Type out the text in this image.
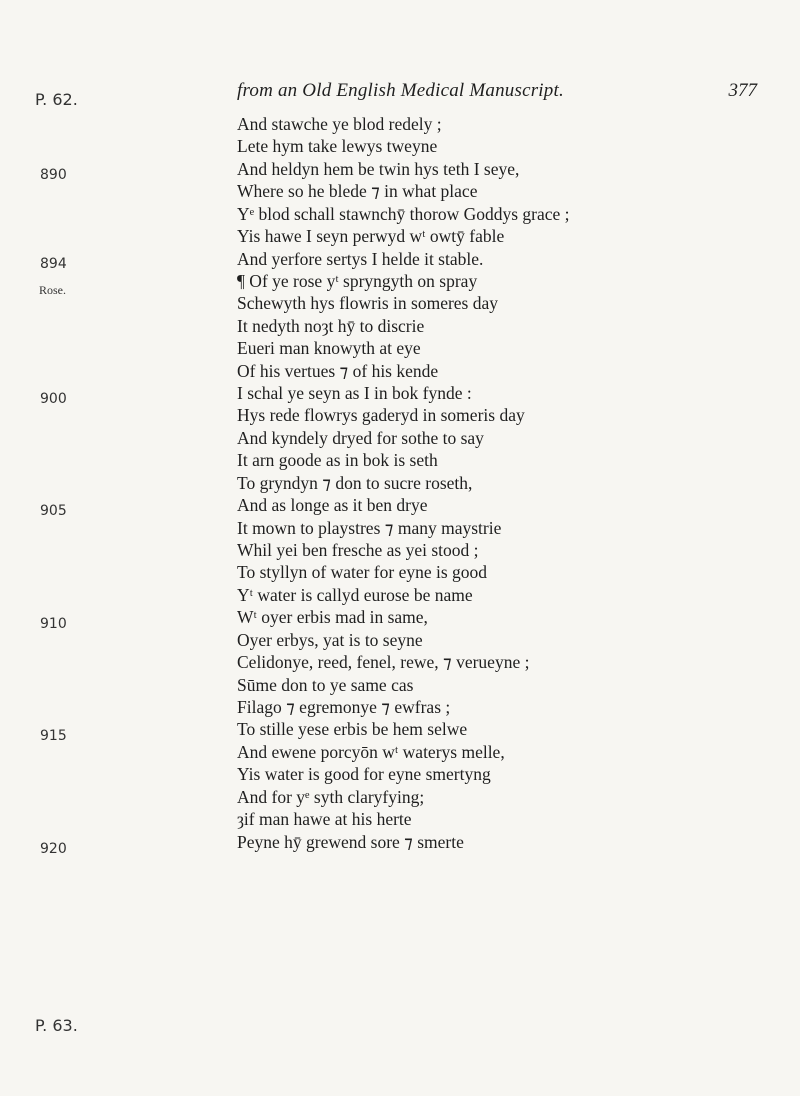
from an Old English Medical Manuscript.	377
P. 62.
P. 63.
890
894
900
905
910
915
920
Rose.
And stawche ye blod redely ;
Lete hym take lewys tweyne
And heldyn hem be twin hys teth I seye,
Where so he blede ⁊ in what place
Yᵉ blod schall stawnchȳ thorow Goddys grace ;
Yis hawe I seyn perwyd wᵗ owtȳ fable
And yerfore sertys I helde it stable.
¶ Of ye rose yᵗ spryngyth on spray
Schewyth hys flowris in someres day
It nedyth noȝt hȳ to discrie
Eueri man knowyth at eye
Of his vertues ⁊ of his kende
I schal ye seyn as I in bok fynde :
Hys rede flowrys gaderyd in someris day
And kyndely dryed for sothe to say
It arn goode as in bok is seth
To gryndyn ⁊ don to sucre roseth,
And as longe as it ben drye
It mown to playstres ⁊ many maystrie
Whil yei ben fresche as yei stood ;
To styllyn of water for eyne is good
Yᵗ water is callyd eurose be name
Wᵗ oyer erbis mad in same,
Oyer erbys, yat is to seyne
Celidonye, reed, fenel, rewe, ⁊ verueyne ;
Sūme don to ye same cas
Filago ⁊ egremonye ⁊ ewfras ;
To stille yese erbis be hem selwe
And ewene porcyōn wᵗ waterys melle,
Yis water is good for eyne smertyng
And for yᵉ syth claryfying;
ȝif man hawe at his herte
Peyne hȳ grewend sore ⁊ smerte
